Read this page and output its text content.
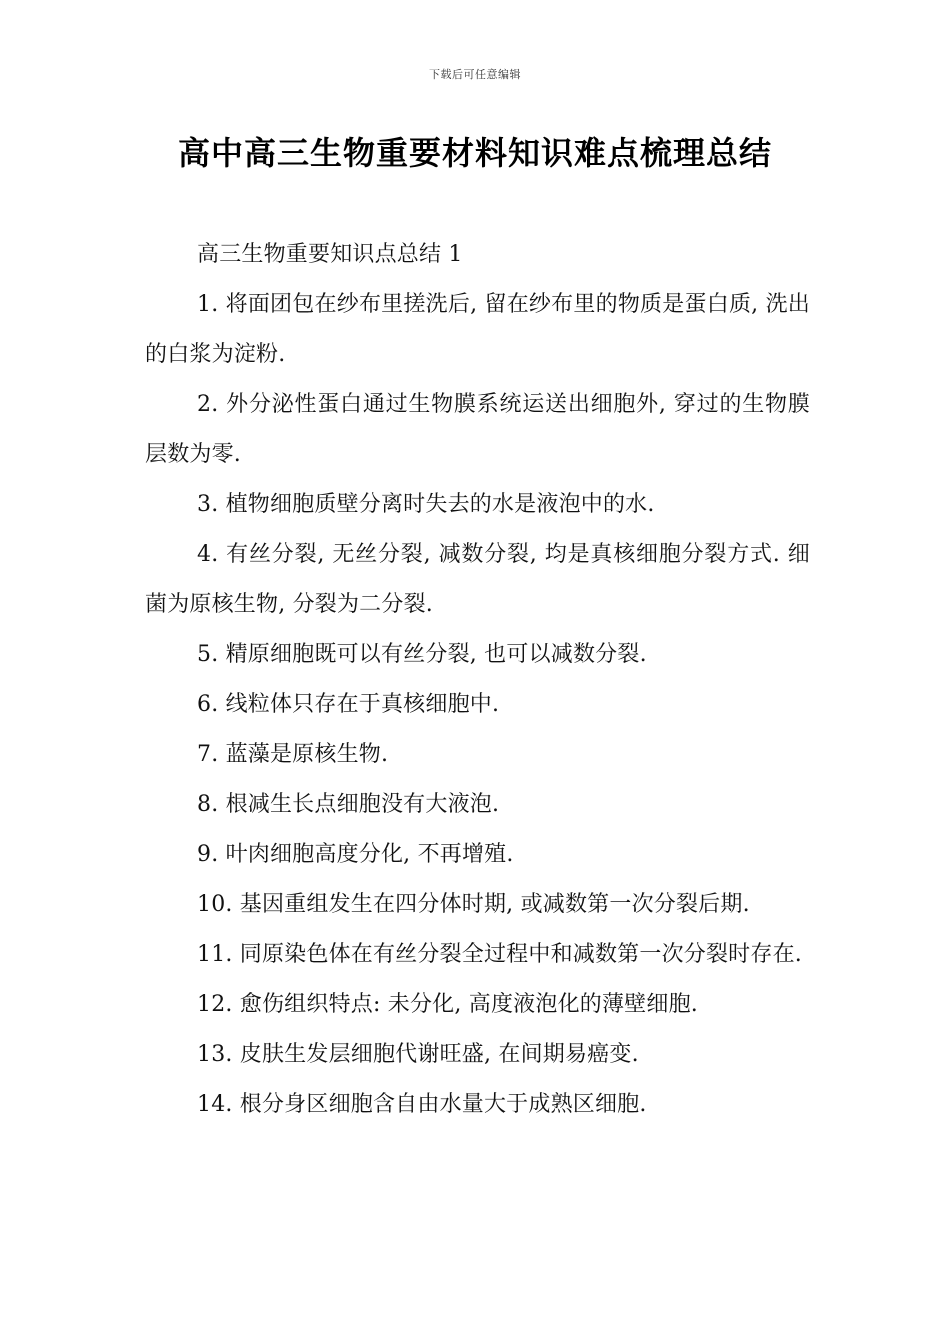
下载后可任意编辑
高中高三生物重要材料知识难点梳理总结

高三生物重要知识点总结 1

1. 将面团包在纱布里搓洗后, 留在纱布里的物质是蛋白质, 洗出的白浆为淀粉.

2. 外分泌性蛋白通过生物膜系统运送出细胞外, 穿过的生物膜层数为零.

3. 植物细胞质壁分离时失去的水是液泡中的水.

4. 有丝分裂, 无丝分裂, 减数分裂, 均是真核细胞分裂方式. 细菌为原核生物, 分裂为二分裂.

5. 精原细胞既可以有丝分裂, 也可以减数分裂.

6. 线粒体只存在于真核细胞中.

7. 蓝藻是原核生物.

8. 根减生长点细胞没有大液泡.

9. 叶肉细胞高度分化, 不再增殖.

10. 基因重组发生在四分体时期, 或减数第一次分裂后期.

11. 同原染色体在有丝分裂全过程中和减数第一次分裂时存在.

12. 愈伤组织特点: 未分化, 高度液泡化的薄壁细胞.

13. 皮肤生发层细胞代谢旺盛, 在间期易癌变.

14. 根分身区细胞含自由水量大于成熟区细胞.
